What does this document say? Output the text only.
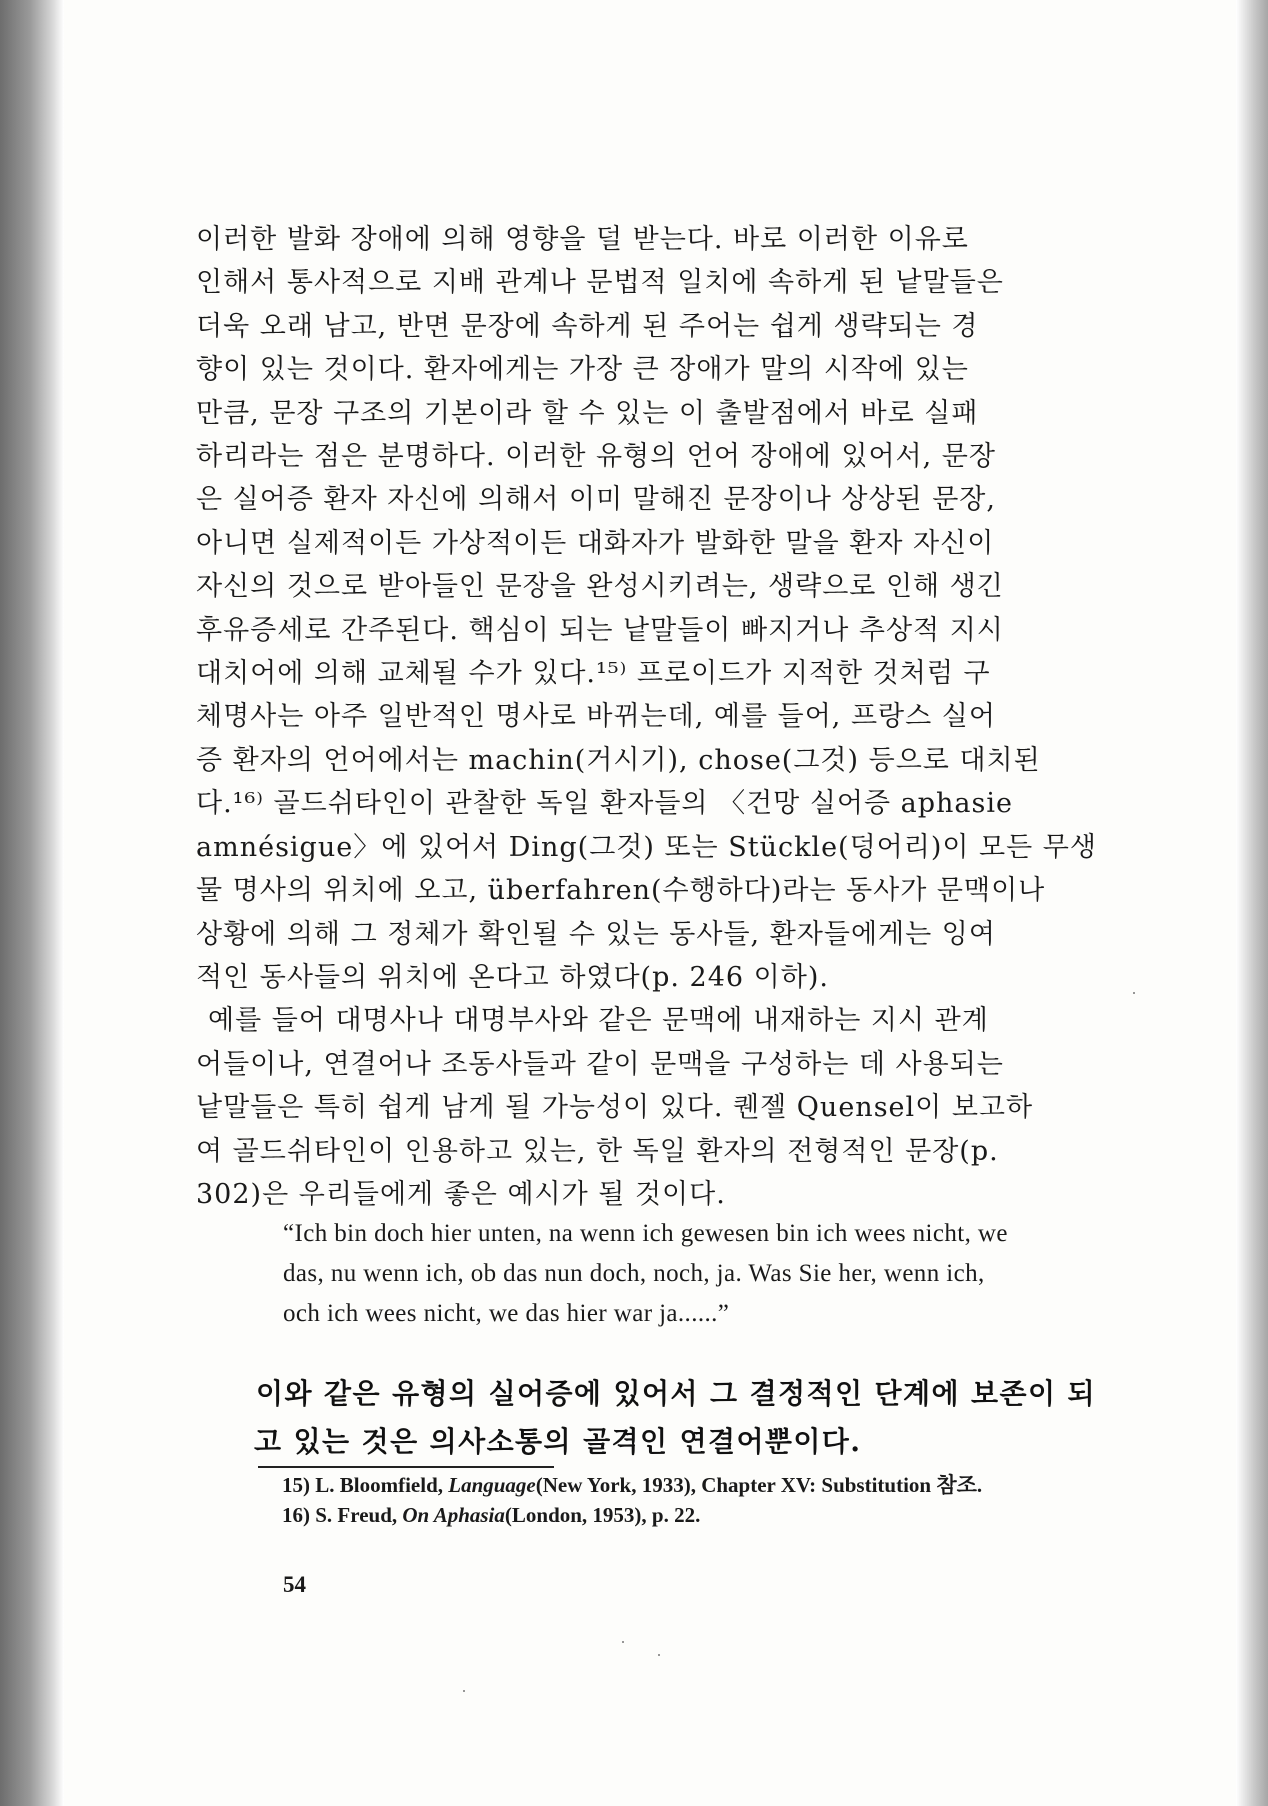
이러한 발화 장애에 의해 영향을 덜 받는다. 바로 이러한 이유로
인해서 통사적으로 지배 관계나 문법적 일치에 속하게 된 낱말들은
더욱 오래 남고, 반면 문장에 속하게 된 주어는 쉽게 생략되는 경
향이 있는 것이다. 환자에게는 가장 큰 장애가 말의 시작에 있는
만큼, 문장 구조의 기본이라 할 수 있는 이 출발점에서 바로 실패
하리라는 점은 분명하다. 이러한 유형의 언어 장애에 있어서, 문장
은 실어증 환자 자신에 의해서 이미 말해진 문장이나 상상된 문장,
아니면 실제적이든 가상적이든 대화자가 발화한 말을 환자 자신이
자신의 것으로 받아들인 문장을 완성시키려는, 생략으로 인해 생긴
후유증세로 간주된다. 핵심이 되는 낱말들이 빠지거나 추상적 지시
대치어에 의해 교체될 수가 있다.¹⁵⁾ 프로이드가 지적한 것처럼 구
체명사는 아주 일반적인 명사로 바뀌는데, 예를 들어, 프랑스 실어
증 환자의 언어에서는 machin(거시기), chose(그것) 등으로 대치된
다.¹⁶⁾ 골드쉬타인이 관찰한 독일 환자들의 〈건망 실어증 aphasie
amnésigue〉에 있어서 Ding(그것) 또는 Stückle(덩어리)이 모든 무생
물 명사의 위치에 오고, überfahren(수행하다)라는 동사가 문맥이나
상황에 의해 그 정체가 확인될 수 있는 동사들, 환자들에게는 잉여
적인 동사들의 위치에 온다고 하였다(p. 246 이하).
예를 들어 대명사나 대명부사와 같은 문맥에 내재하는 지시 관계
어들이나, 연결어나 조동사들과 같이 문맥을 구성하는 데 사용되는
낱말들은 특히 쉽게 남게 될 가능성이 있다. 퀜젤 Quensel이 보고하
여 골드쉬타인이 인용하고 있는, 한 독일 환자의 전형적인 문장(p.
302)은 우리들에게 좋은 예시가 될 것이다.
“Ich bin doch hier unten, na wenn ich gewesen bin ich wees nicht, we
das, nu wenn ich, ob das nun doch, noch, ja. Was Sie her, wenn ich,
och ich wees nicht, we das hier war ja......”
이와 같은 유형의 실어증에 있어서 그 결정적인 단계에 보존이 되
고 있는 것은 의사소통의 골격인 연결어뿐이다.
15) L. Bloomfield, Language(New York, 1933), Chapter XV: Substitution 참조.
16) S. Freud, On Aphasia(London, 1953), p. 22.
54
